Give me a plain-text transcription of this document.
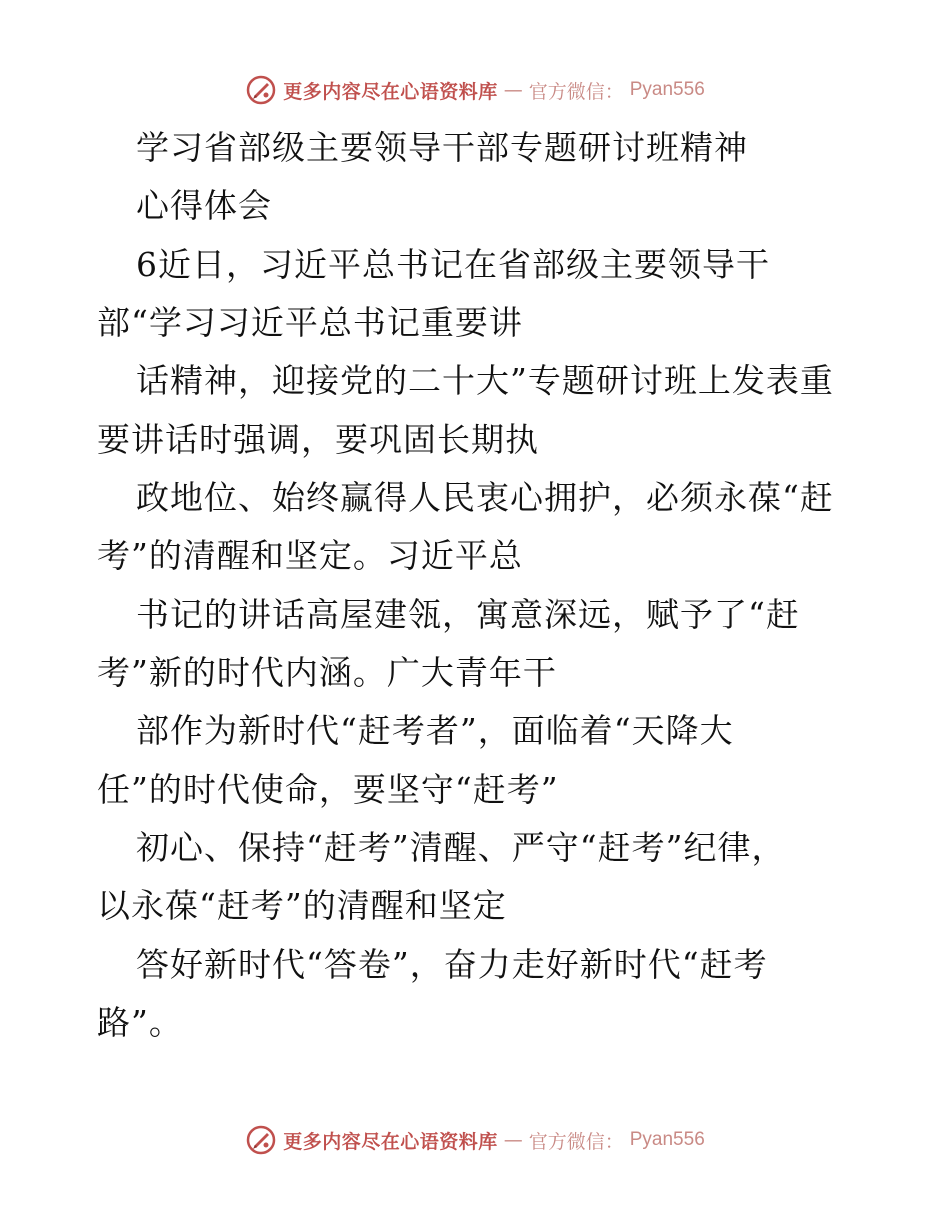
更多内容尽在心语资料库 — 官方微信： Pyan556
学习省部级主要领导干部专题研讨班精神
心得体会
6近日，习近平总书记在省部级主要领导干
部“学习习近平总书记重要讲
话精神，迎接党的二十大”专题研讨班上发表重
要讲话时强调，要巩固长期执
政地位、始终赢得人民衷心拥护，必须永葆“赶
考”的清醒和坚定。习近平总
书记的讲话高屋建瓴，寓意深远，赋予了“赶
考”新的时代内涵。广大青年干
部作为新时代“赶考者”，面临着“天降大
任”的时代使命，要坚守“赶考”
初心、保持“赶考”清醒、严守“赶考”纪律，
以永葆“赶考”的清醒和坚定
答好新时代“答卷”，奋力走好新时代“赶考
路”。
更多内容尽在心语资料库 — 官方微信： Pyan556
